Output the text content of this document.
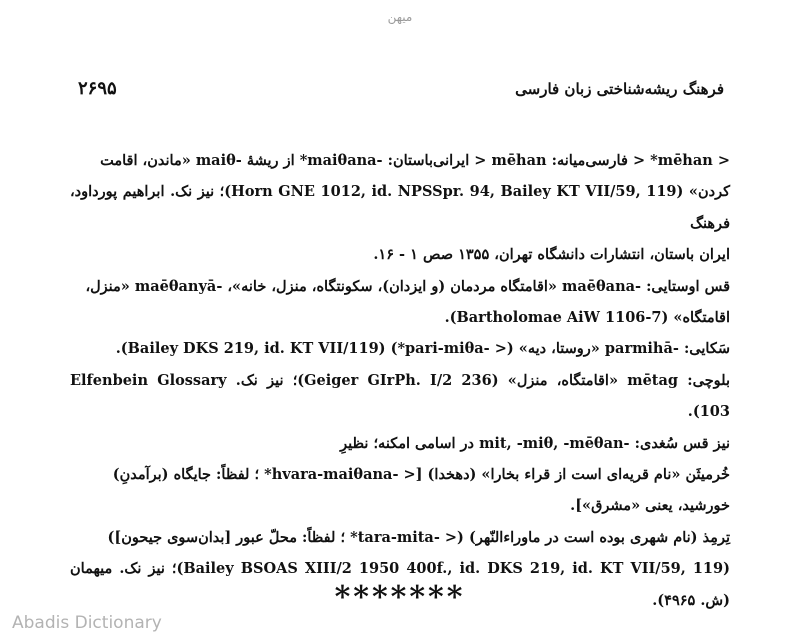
میهن
۲۶۹۵	فرهنگ ریشه‌شناختی زبان فارسی
< mēhan* < فارسی‌میانه: mēhan < ایرانی‌باستان: -maiθana* از ریشهٔ -maiθ «ماندن، اقامت
کردن» (Horn GNE 1012, id. NPSSpr. 94, Bailey KT VII/59, 119)؛ نیز نک. ابراهیم پورداود، فرهنگ
ایران باستان، انتشارات دانشگاه تهران، ۱۳۵۵ صص ۱ - ۱۶.
قس اوستایی: -maēθana «اقامتگاه مردمان (و ایزدان)، سکونتگاه، منزل، خانه»، -maēθanyā «منزل،
اقامتگاه» (Bartholomae AiW 1106-7).
سَکایی: -parmihā «روستا، دیه» (< -pari-miθa*) (Bailey DKS 219, id. KT VII/119).
بلوچی: mētag «اقامتگاه، منزل» (Geiger GIrPh. I/2 236)؛ نیز نک. Elfenbein Glossary 103).
نیز قس سُغدی: -mit, -miθ, -mēθan در اسامی امکنه؛ نظیرِ
خُرمیثَن «نام قریه‌ای است از قراء بخارا» (دهخدا) [< -hvara-maiθana* ؛ لفظاً: جایگاه (برآمدنِ)
خورشید، یعنی «مشرق»].
تِرمِذ (نام شهری بوده است در ماوراءالنّهر) (< -tara-mita* ؛ لفظاً: محلّ عبور [بدان‌سوی جیحون])
(Bailey BSOAS XIII/2 1950 400f., id. DKS 219, id. KT VII/59, 119)؛ نیز نک. میهمان (ش. ۴۹۶۵).
*******
Abadis Dictionary
